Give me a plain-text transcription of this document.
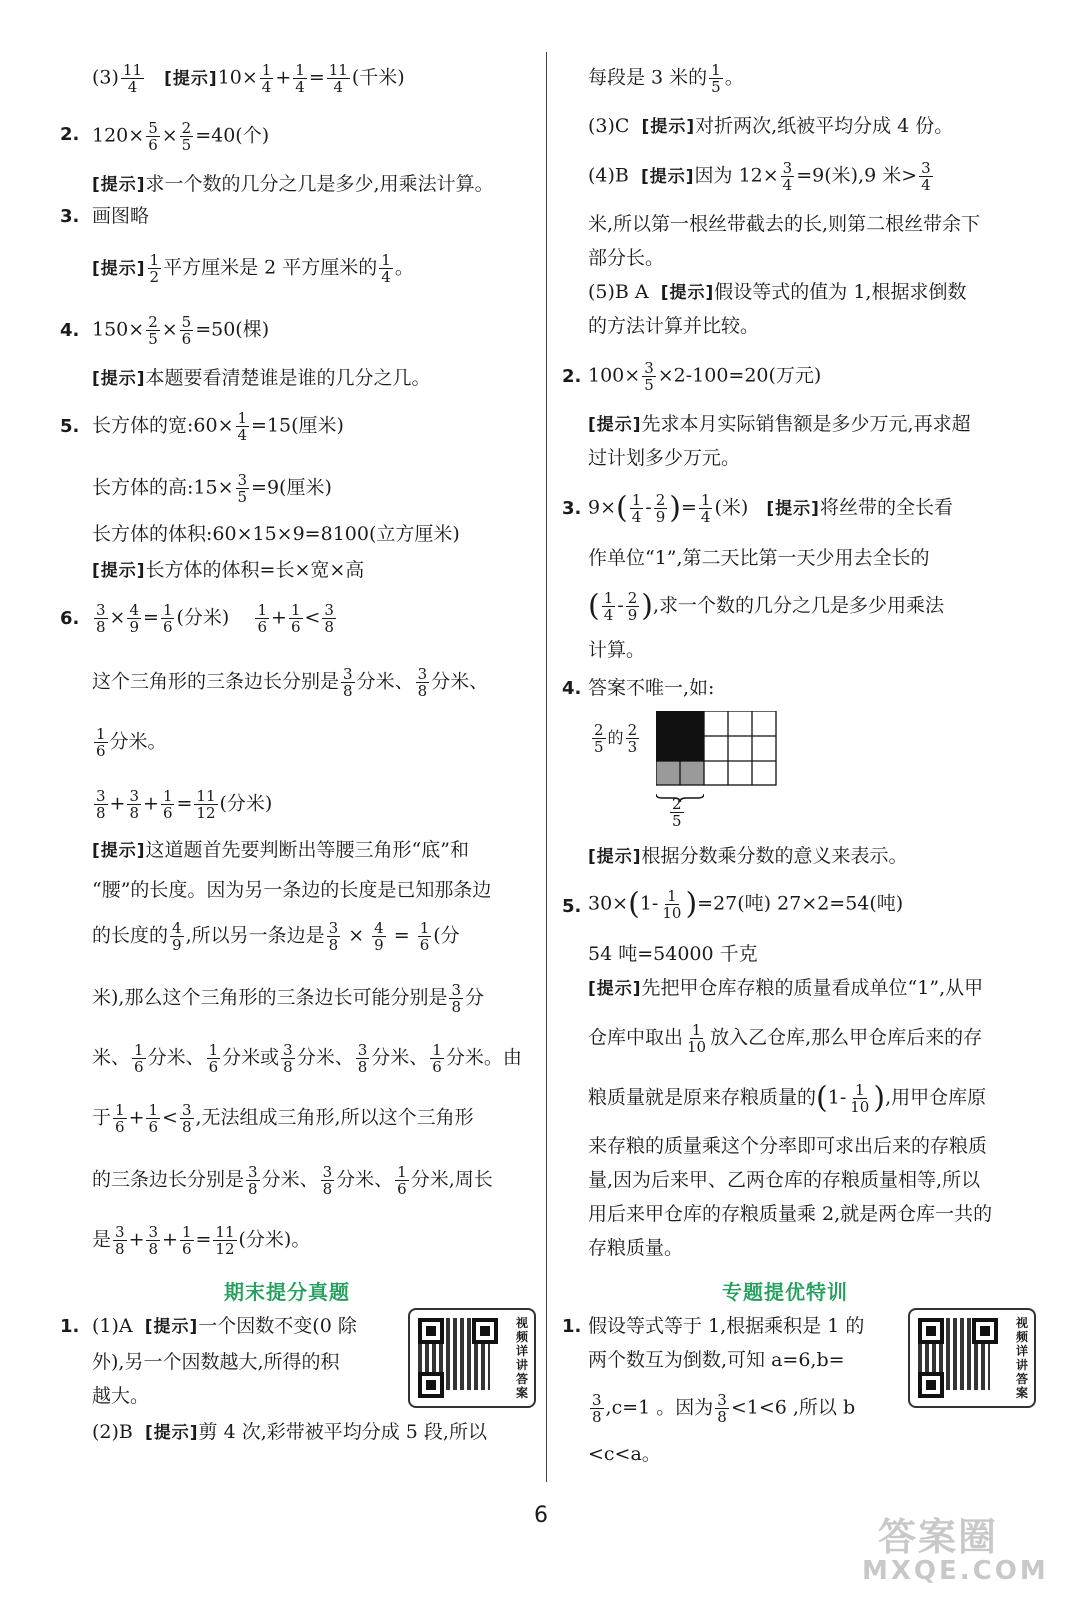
$(3) \frac{11}{4}$ [提示]$10\times \frac{1}{4} + \frac{1}{4} = \frac{11}{4}$ (千米)
2. $120\times \frac{5}{6} \times \frac{2}{5} =40$(个)
[提示]求一个数的几分之几是多少,用乘法计算。
3. 画图略
[提示] $\frac{1}{2}$ 平方厘米是 2 平方厘米的 $\frac{1}{4}$ 。
4. $150\times \frac{2}{5} \times \frac{5}{6} =50$(棵)
[提示]本题要看清楚谁是谁的几分之几。
5. 长方体的宽:60× $\frac{1}{4} =15$(厘米)
长方体的高:15× $\frac{3}{5} =9$(厘米)
长方体的体积:60×15×9=8100(立方厘米)
[提示]长方体的体积=长×宽×高
6. $\frac{3}{8} \times \frac{4}{9} = \frac{1}{6}$ (分米) $\frac{1}{6} + \frac{1}{6} < \frac{3}{8}$
这个三角形的三条边长分别是 $\frac{3}{8}$ 分米、 $\frac{3}{8}$ 分米、
$\frac{1}{6}$ 分米。
$\frac{3}{8} + \frac{3}{8} + \frac{1}{6} = \frac{11}{12}$ (分米)
[提示]这道题首先要判断出等腰三角形“底”和
“腰”的长度。因为另一条边的长度是已知那条边
的长度的 $\frac{4}{9}$ ,所以另一条边是 $\frac{3}{8} \times \frac{4}{9} = \frac{1}{6}$ (分
米),那么这个三角形的三条边长可能分别是 $\frac{3}{8}$ 分
米、 $\frac{1}{6}$ 分米、 $\frac{1}{6}$ 分米或 $\frac{3}{8}$ 分米、 $\frac{3}{8}$ 分米、 $\frac{1}{6}$ 分米。由
于 $\frac{1}{6} + \frac{1}{6} < \frac{3}{8}$ ,无法组成三角形,所以这个三角形
的三条边长分别是 $\frac{3}{8}$ 分米、 $\frac{3}{8}$ 分米、 $\frac{1}{6}$ 分米,周长
是 $\frac{3}{8} + \frac{3}{8} + \frac{1}{6} = \frac{11}{12}$ (分米)。
期末提分真题
1. (1)A [提示]一个因数不变(0 除
外),另一个因数越大,所得的积
越大。
(2)B [提示]剪 4 次,彩带被平均分成 5 段,所以
视频详讲答案
每段是 3 米的 $\frac{1}{5}$ 。
(3)C [提示]对折两次,纸被平均分成 4 份。
(4)B [提示]因为 $12\times \frac{3}{4} =9$(米),9 米> $\frac{3}{4}$
米,所以第一根丝带截去的长,则第二根丝带余下
部分长。
(5)B A [提示]假设等式的值为 1,根据求倒数
的方法计算并比较。
2. $100\times \frac{3}{5} \times 2-100=20$(万元)
[提示]先求本月实际销售额是多少万元,再求超
过计划多少万元。
3. $9\times( \frac{1}{4} - \frac{2}{9}$ )= $\frac{1}{4}$ (米) [提示]将丝带的全长看
作单位“1”,第二天比第一天少用去全长的
( $\frac{1}{4} - \frac{2}{9}$ ),求一个数的几分之几是多少用乘法
计算。
4. 答案不唯一,如:
$\frac{2}{5}$ 的 $\frac{2}{3}$
$\frac{2}{5}$
[提示]根据分数乘分数的意义来表示。
5. $30\times(1- \frac{1}{10} )=27$(吨) 27×2=54(吨)
54 吨=54000 千克
[提示]先把甲仓库存粮的质量看成单位“1”,从甲
仓库中取出 $\frac{1}{10}$ 放入乙仓库,那么甲仓库后来的存
粮质量就是原来存粮质量的($1- \frac{1}{10}$ ),用甲仓库原
来存粮的质量乘这个分率即可求出后来的存粮质
量,因为后来甲、乙两仓库的存粮质量相等,所以
用后来甲仓库的存粮质量乘 2,就是两仓库一共的
存粮质量。
专题提优特训
1. 假设等式等于 1,根据乘积是 1 的
两个数互为倒数,可知 a=6,b=
$\frac{3}{8} ,c=1$ 。因为 $\frac{3}{8} <1<6$ ,所以 b
<c<a。
视频详讲答案
6	答案圈
MXQE.COM
